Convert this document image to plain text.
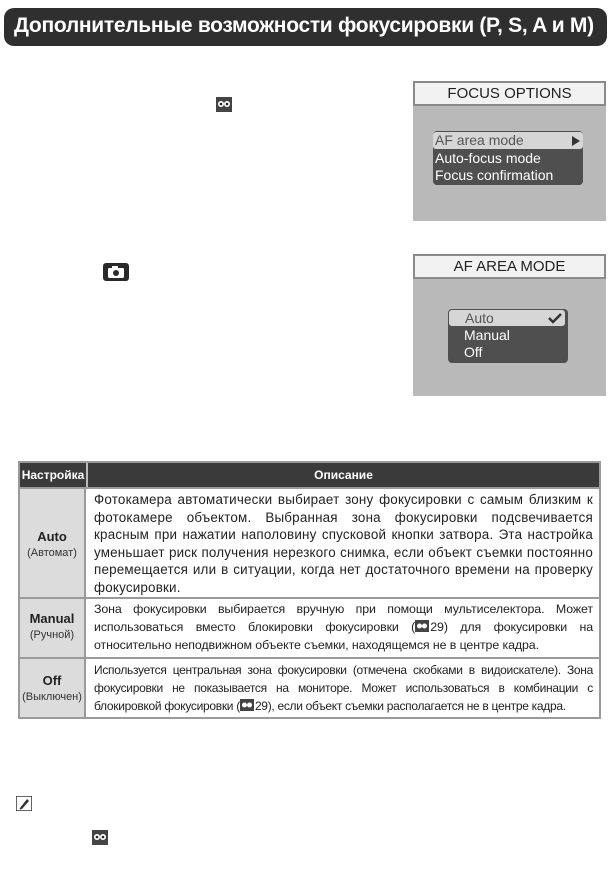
Дополнительные возможности фокусировки (P, S, A и M)
FOCUS OPTIONS
AF area mode
Auto-focus mode
Focus confirmation
AF AREA MODE
Auto
Manual
Off
Настройка	Описание
Auto
(Автомат)
Фотокамера автоматически выбирает зону фокусировки с самым близким к фотокамере объектом. Выбранная зона фокусировки подсвечивается красным при нажатии наполовину спусковой кнопки затвора. Эта настройка уменьшает риск получения нерезкого снимка, если объект съемки постоянно перемещается или в ситуации, когда нет достаточного времени на проверку фокусировки.
Manual
(Ручной)
Зона фокусировки выбирается вручную при помощи мультиселектора. Может использоваться вместо блокировки фокусировки ( 29) для фокусировки на относительно неподвижном объекте съемки, находящемся не в центре кадра.
Off
(Выключен)
Используется центральная зона фокусировки (отмечена скобками в видоискателе). Зона фокусировки не показывается на мониторе. Может использоваться в комбинации с блокировкой фокусировки ( 29), если объект съемки располагается не в центре кадра.
